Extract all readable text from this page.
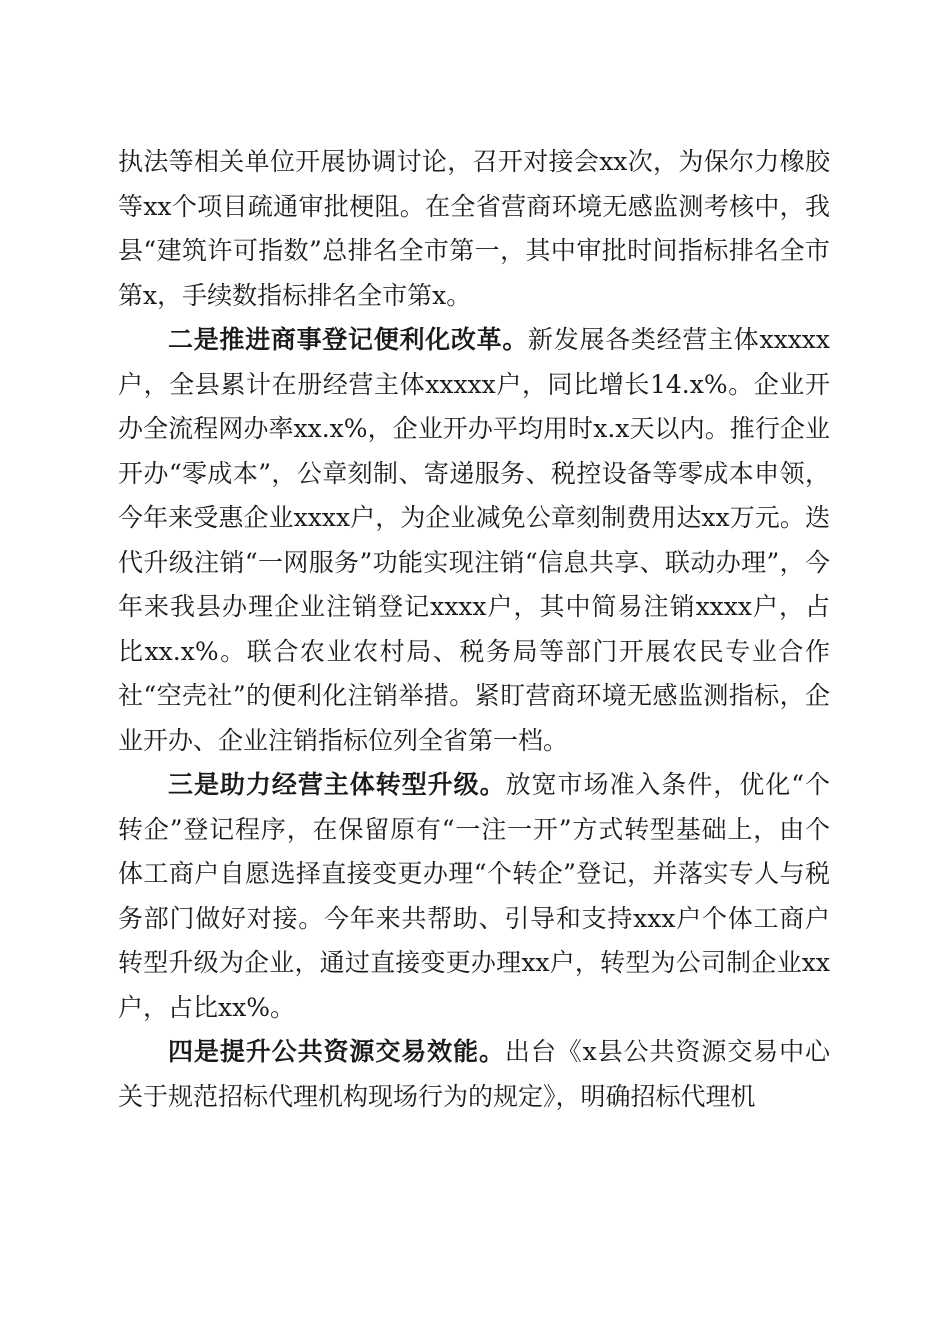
执法等相关单位开展协调讨论，召开对接会xx次，为保尔力橡胶等xx个项目疏通审批梗阻。在全省营商环境无感监测考核中，我县“建筑许可指数”总排名全市第一，其中审批时间指标排名全市第x，手续数指标排名全市第x。

二是推进商事登记便利化改革。新发展各类经营主体xxxxx户，全县累计在册经营主体xxxxx户，同比增长14.x%。企业开办全流程网办率xx.x%，企业开办平均用时x.x天以内。推行企业开办“零成本”，公章刻制、寄递服务、税控设备等零成本申领，今年来受惠企业xxxx户，为企业减免公章刻制费用达xx万元。迭代升级注销“一网服务”功能实现注销“信息共享、联动办理”，今年来我县办理企业注销登记xxxx户，其中简易注销xxxx户，占比xx.x%。联合农业农村局、税务局等部门开展农民专业合作社“空壳社”的便利化注销举措。紧盯营商环境无感监测指标，企业开办、企业注销指标位列全省第一档。

三是助力经营主体转型升级。放宽市场准入条件，优化“个转企”登记程序，在保留原有“一注一开”方式转型基础上，由个体工商户自愿选择直接变更办理“个转企”登记，并落实专人与税务部门做好对接。今年来共帮助、引导和支持xxx户个体工商户转型升级为企业，通过直接变更办理xx户，转型为公司制企业xx户，占比xx%。

四是提升公共资源交易效能。出台《x县公共资源交易中心关于规范招标代理机构现场行为的规定》，明确招标代理机
